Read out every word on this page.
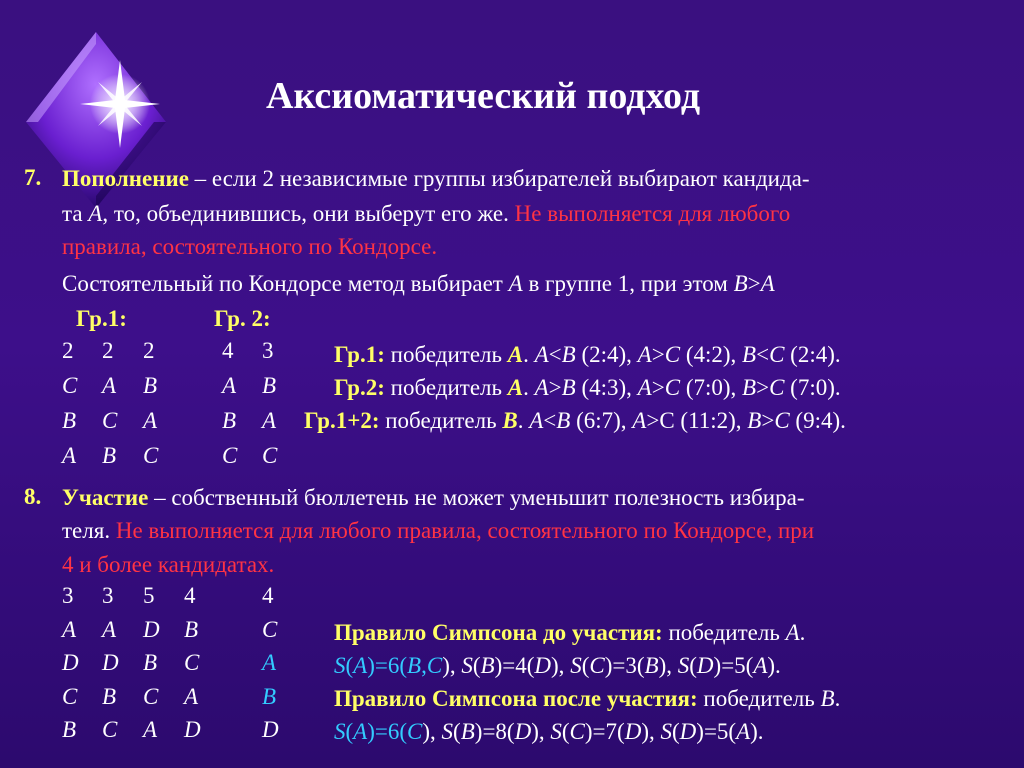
Аксиоматический подход
7. Пополнение – если 2 независимые группы избирателей выбирают кандида-
та А, то, объединившись, они выберут его же. Не выполняется для любого
правила, состоятельного по Кондорсе.
Состоятельный по Кондорсе метод выбирает А в группе 1, при этом B>A
Гр.1:	Гр. 2:
2 2 2
C A B
B C A
A B C
4 3
A B
B A
C C
Гр.1: победитель А. A<B (2:4), A>C (4:2), B<C (2:4).
Гр.2: победитель А. A>B (4:3), A>C (7:0), B>C (7:0).
Гр.1+2: победитель B. A<B (6:7), A>С (11:2), B>C (9:4).
8. Участие – собственный бюллетень не может уменьшит полезность избира-
теля. Не выполняется для любого правила, состоятельного по Кондорсе, при
4 и более кандидатах.
3 3 5 4
A A D B
D D B C
C B C A
B C A D
4
C
A
B
D
Правило Симпсона до участия: победитель А.
S(A)=6(B,C), S(B)=4(D), S(C)=3(B), S(D)=5(A).
Правило Симпсона после участия: победитель B.
S(A)=6(C), S(B)=8(D), S(C)=7(D), S(D)=5(A).
